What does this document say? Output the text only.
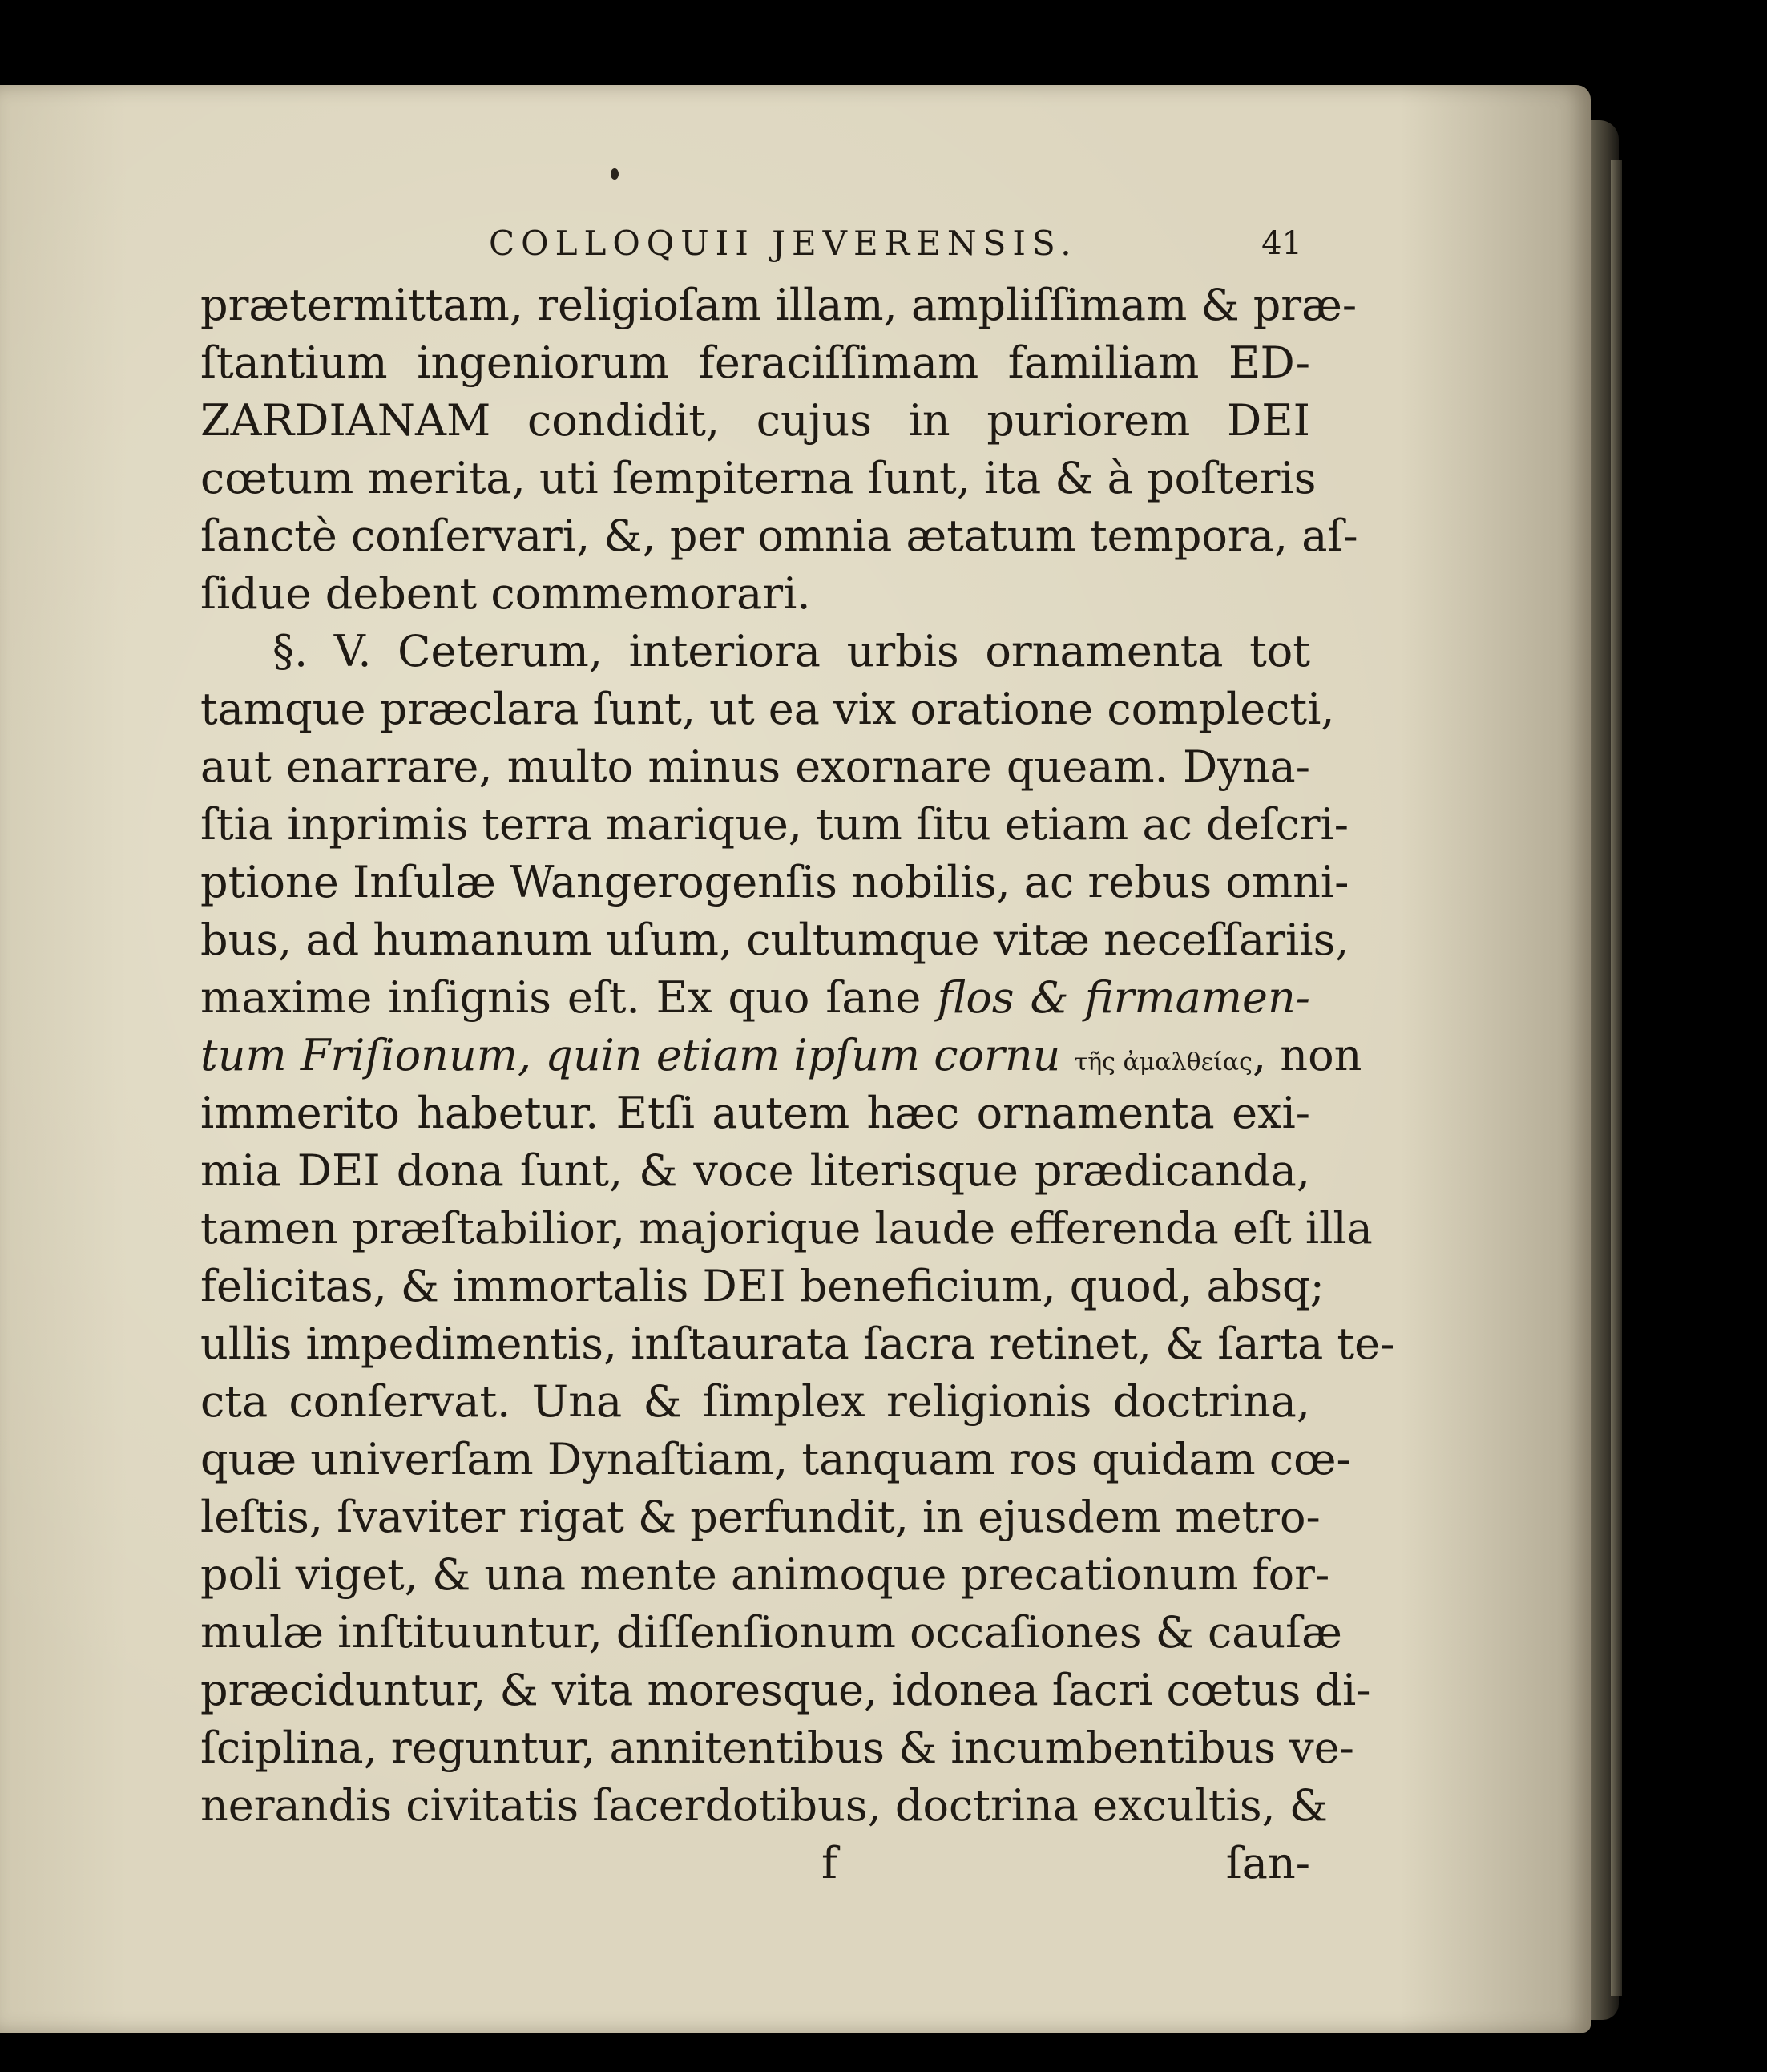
COLLOQUII JEVERENSIS.	41
prætermittam, religioſam illam, ampliſſimam & præ-
ſtantium ingeniorum feraciſſimam familiam ED-
ZARDIANAM condidit, cujus in puriorem DEI
cœtum merita, uti ſempiterna ſunt, ita & à poſteris
ſanctè conſervari, &, per omnia ætatum tempora, aſ-
ſidue debent commemorari.
§. V. Ceterum, interiora urbis ornamenta tot
tamque præclara ſunt, ut ea vix oratione complecti,
aut enarrare, multo minus exornare queam. Dyna-
ſtia inprimis terra marique, tum ſitu etiam ac deſcri-
ptione Inſulæ Wangerogenſis nobilis, ac rebus omni-
bus, ad humanum uſum, cultumque vitæ neceſſariis,
maxime inſignis eſt. Ex quo ſane flos & firmamen-
tum Friſionum, quin etiam ipſum cornu τῆς ἀμαλθείας, non
immerito habetur. Etſi autem hæc ornamenta exi-
mia DEI dona ſunt, & voce literisque prædicanda,
tamen præſtabilior, majorique laude efferenda eſt illa
felicitas, & immortalis DEI beneficium, quod, absq;
ullis impedimentis, inſtaurata ſacra retinet, & ſarta te-
cta conſervat. Una & ſimplex religionis doctrina,
quæ univerſam Dynaſtiam, tanquam ros quidam cœ-
leſtis, ſvaviter rigat & perfundit, in ejusdem metro-
poli viget, & una mente animoque precationum for-
mulæ inſtituuntur, diſſenſionum occaſiones & cauſæ
præciduntur, & vita moresque, idonea ſacri cœtus di-
ſciplina, reguntur, annitentibus & incumbentibus ve-
nerandis civitatis ſacerdotibus, doctrina excultis, &
f	ſan-
